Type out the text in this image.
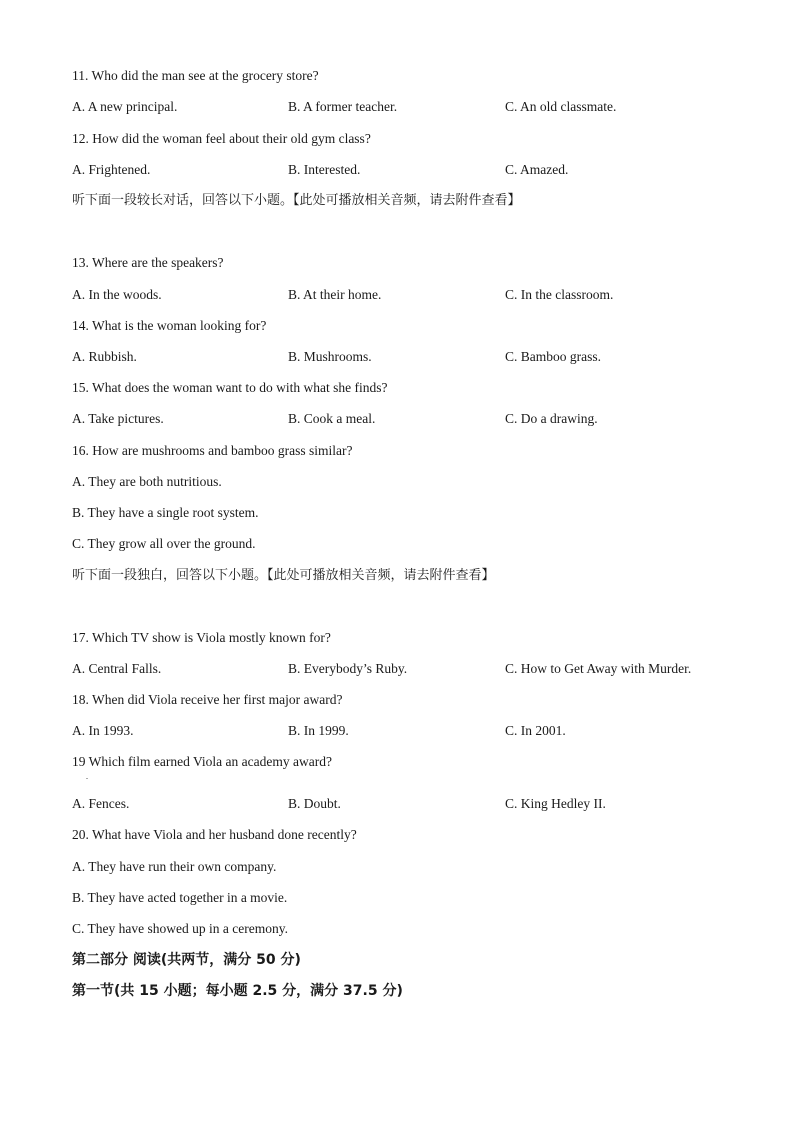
11. Who did the man see at the grocery store?
A. A new principal.	B. A former teacher.	C. An old classmate.
12. How did the woman feel about their old gym class?
A. Frightened.	B. Interested.	C. Amazed.
听下面一段较长对话，回答以下小题。【此处可播放相关音频，请去附件查看】
13. Where are the speakers?
A. In the woods.	B. At their home.	C. In the classroom.
14. What is the woman looking for?
A. Rubbish.	B. Mushrooms.	C. Bamboo grass.
15. What does the woman want to do with what she finds?
A. Take pictures.	B. Cook a meal.	C. Do a drawing.
16. How are mushrooms and bamboo grass similar?
A. They are both nutritious.
B. They have a single root system.
C. They grow all over the ground.
听下面一段独白，回答以下小题。【此处可播放相关音频，请去附件查看】
17. Which TV show is Viola mostly known for?
A. Central Falls.	B. Everybody’s Ruby.	C. How to Get Away with Murder.
18. When did Viola receive her first major award?
A. In 1993.	B. In 1999.	C. In 2001.
19 Which film earned Viola an academy award?
.
A. Fences.	B. Doubt.	C. King Hedley II.
20. What have Viola and her husband done recently?
A. They have run their own company.
B. They have acted together in a movie.
C. They have showed up in a ceremony.
第二部分 阅读(共两节，满分 50 分)
第一节(共 15 小题；每小题 2.5 分，满分 37.5 分)
